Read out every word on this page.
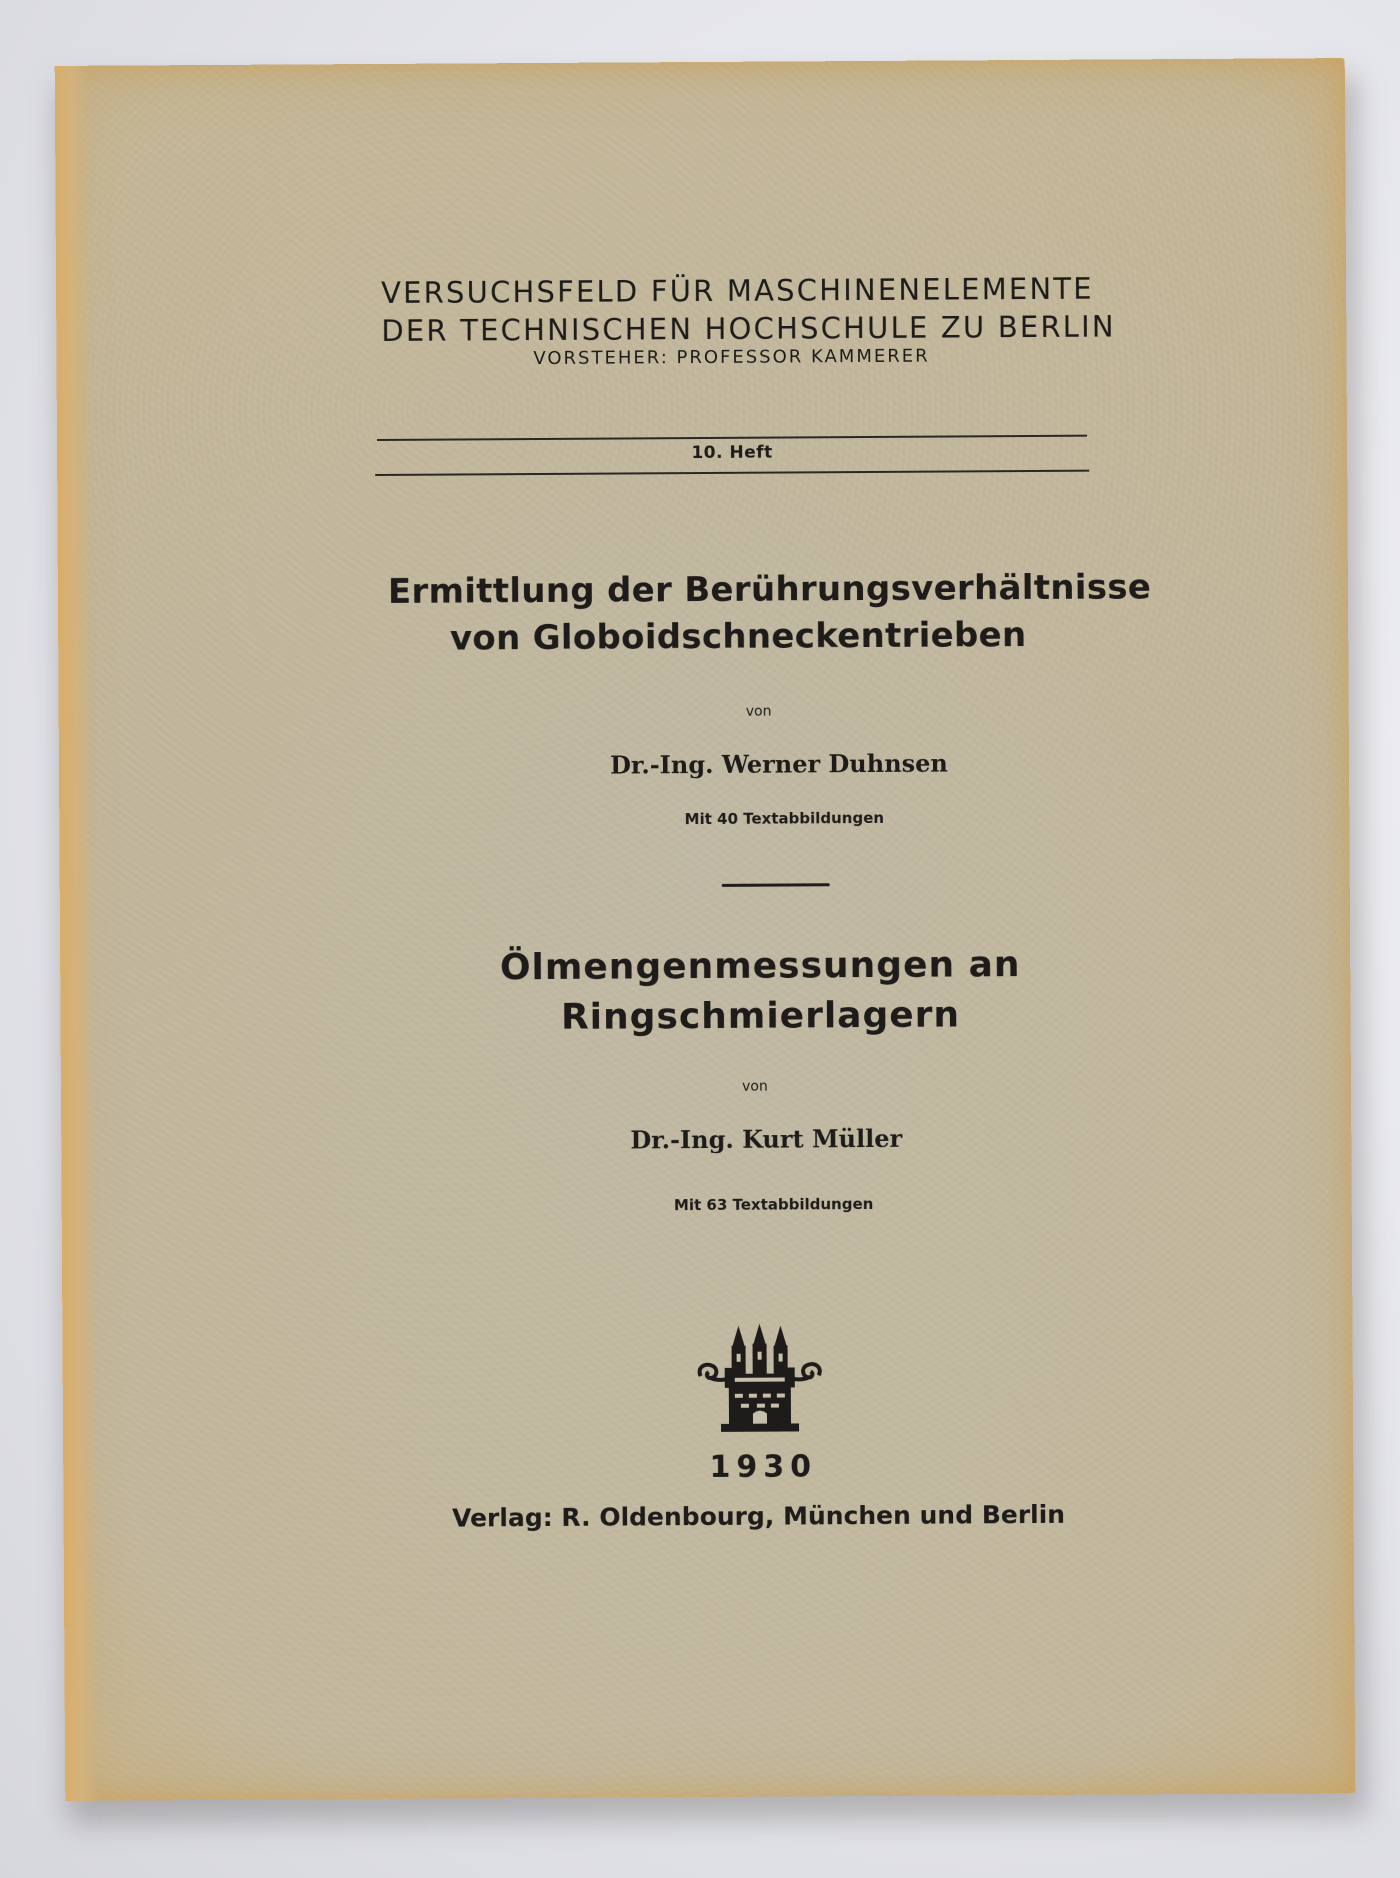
VERSUCHSFELD FÜR MASCHINENELEMENTE
DER TECHNISCHEN HOCHSCHULE ZU BERLIN
VORSTEHER: PROFESSOR KAMMERER
10. Heft
Ermittlung der Berührungsverhältnisse
von Globoidschneckentrieben
von
Dr.-Ing. Werner Duhnsen
Mit 40 Textabbildungen
Ölmengenmessungen an
Ringschmierlagern
von
Dr.-Ing. Kurt Müller
Mit 63 Textabbildungen
1930
Verlag: R. Oldenbourg, München und Berlin
